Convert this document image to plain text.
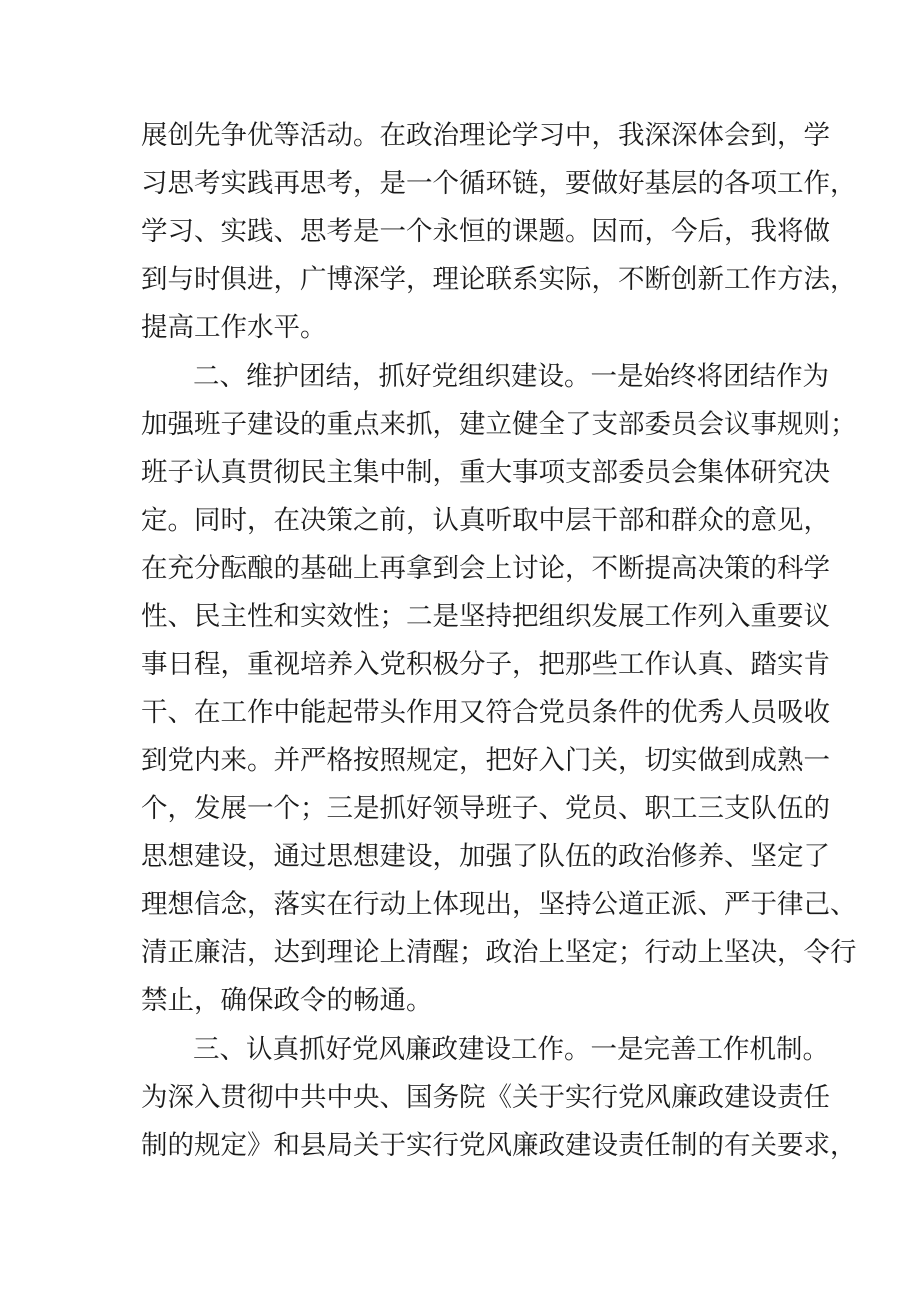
展创先争优等活动。在政治理论学习中，我深深体会到，学
习思考实践再思考，是一个循环链，要做好基层的各项工作，
学习、实践、思考是一个永恒的课题。因而，今后，我将做
到与时俱进，广博深学，理论联系实际，不断创新工作方法，
提高工作水平。
二、维护团结，抓好党组织建设。一是始终将团结作为
加强班子建设的重点来抓，建立健全了支部委员会议事规则；
班子认真贯彻民主集中制，重大事项支部委员会集体研究决
定。同时，在决策之前，认真听取中层干部和群众的意见，
在充分酝酿的基础上再拿到会上讨论，不断提高决策的科学
性、民主性和实效性；二是坚持把组织发展工作列入重要议
事日程，重视培养入党积极分子，把那些工作认真、踏实肯
干、在工作中能起带头作用又符合党员条件的优秀人员吸收
到党内来。并严格按照规定，把好入门关，切实做到成熟一
个，发展一个；三是抓好领导班子、党员、职工三支队伍的
思想建设，通过思想建设，加强了队伍的政治修养、坚定了
理想信念，落实在行动上体现出，坚持公道正派、严于律己、
清正廉洁，达到理论上清醒；政治上坚定；行动上坚决，令行
禁止，确保政令的畅通。
三、认真抓好党风廉政建设工作。一是完善工作机制。
为深入贯彻中共中央、国务院《关于实行党风廉政建设责任
制的规定》和县局关于实行党风廉政建设责任制的有关要求，
